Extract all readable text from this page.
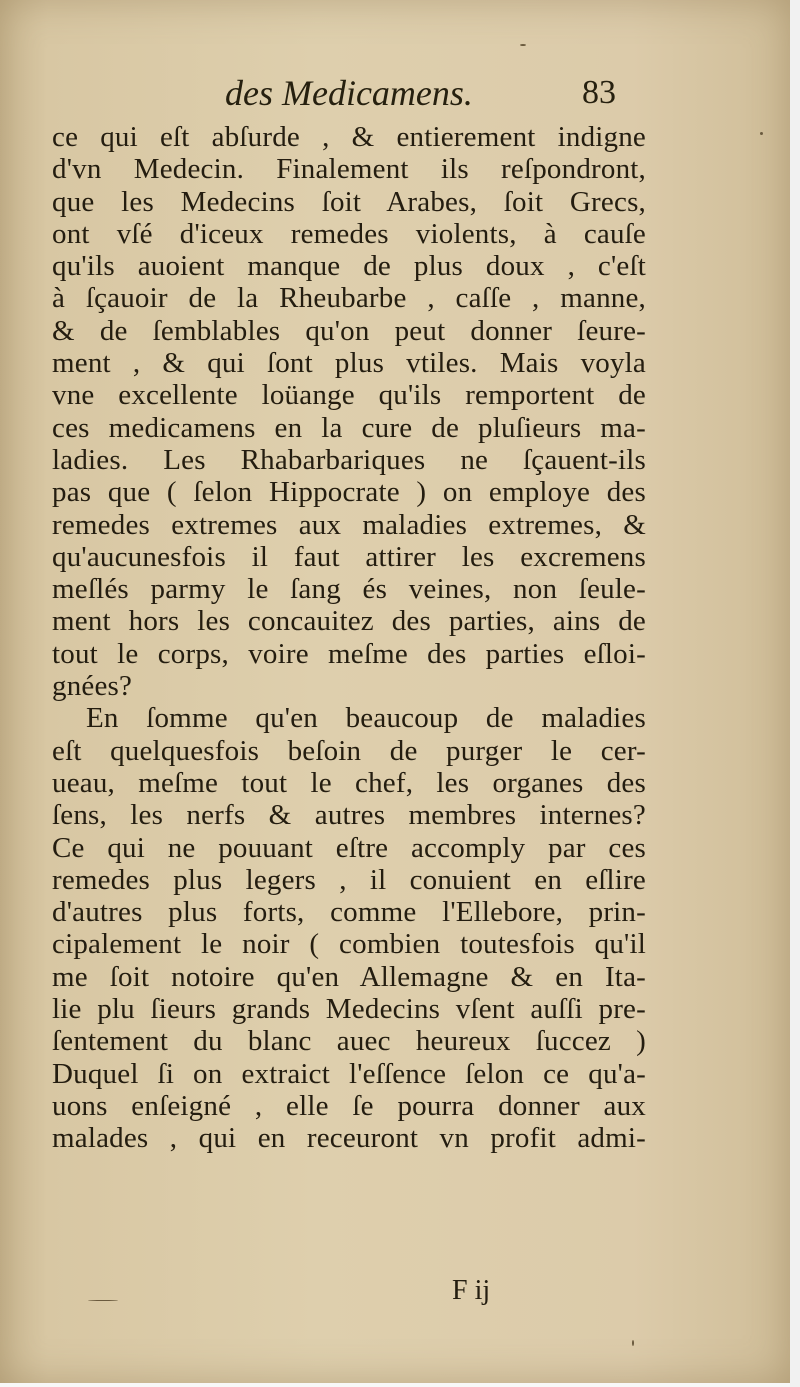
des Medicamens.	83
ce qui eſt abſurde , & entierement indigne
d'vn Medecin. Finalement ils reſpondront,
que les Medecins ſoit Arabes, ſoit Grecs,
ont vſé d'iceux remedes violents, à cauſe
qu'ils auoient manque de plus doux , c'eſt
à ſçauoir de la Rheubarbe , caſſe , manne,
& de ſemblables qu'on peut donner ſeure-
ment , & qui ſont plus vtiles. Mais voyla
vne excellente loüange qu'ils remportent de
ces medicamens en la cure de pluſieurs ma-
ladies. Les Rhabarbariques ne ſçauent-ils
pas que ( ſelon Hippocrate ) on employe des
remedes extremes aux maladies extremes, &
qu'aucunesfois il faut attirer les excremens
meſlés parmy le ſang és veines, non ſeule-
ment hors les concauitez des parties, ains de
tout le corps, voire meſme des parties eſloi-
gnées?
En ſomme qu'en beaucoup de maladies
eſt quelquesfois beſoin de purger le cer-
ueau, meſme tout le chef, les organes des
ſens, les nerfs & autres membres internes?
Ce qui ne pouuant eſtre accomply par ces
remedes plus legers , il conuient en eſlire
d'autres plus forts, comme l'Ellebore, prin-
cipalement le noir ( combien toutesfois qu'il
me ſoit notoire qu'en Allemagne & en Ita-
lie plu ſieurs grands Medecins vſent auſſi pre-
ſentement du blanc auec heureux ſuccez )
Duquel ſi on extraict l'eſſence ſelon ce qu'a-
uons enſeigné , elle ſe pourra donner aux
malades , qui en receuront vn profit admi-
F ij
